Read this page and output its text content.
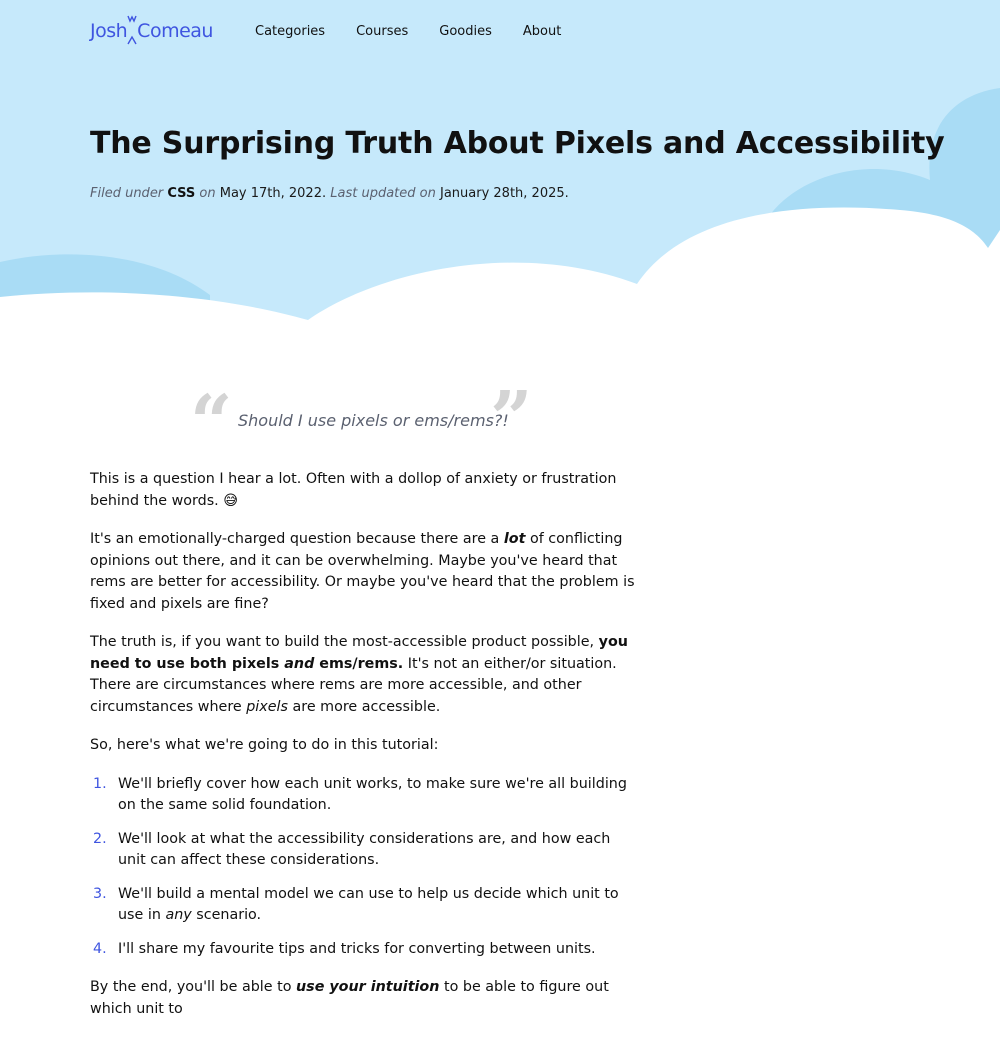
Josh Comeau	Categories Courses Goodies About
The Surprising Truth About Pixels and Accessibility
Filed under CSS on May 17th, 2022. Last updated on January 28th, 2025.
“ Should I use pixels or ems/rems?!
”

This is a question I hear a lot. Often with a dollop of anxiety or frustration behind the words. 😅

It's an emotionally-charged question because there are a lot of conflicting opinions out there, and it can be overwhelming. Maybe you've heard that rems are better for accessibility. Or maybe you've heard that the problem is fixed and pixels are fine?

The truth is, if you want to build the most-accessible product possible, you need to use both pixels and ems/rems. It's not an either/or situation. There are circumstances where rems are more accessible, and other circumstances where pixels are more accessible.

So, here's what we're going to do in this tutorial:

1. We'll briefly cover how each unit works, to make sure we're all building on the same solid foundation.
2. We'll look at what the accessibility considerations are, and how each unit can affect these considerations.
3. We'll build a mental model we can use to help us decide which unit to use in any scenario.
4. I'll share my favourite tips and tricks for converting between units.

By the end, you'll be able to use your intuition to be able to figure out which unit to
